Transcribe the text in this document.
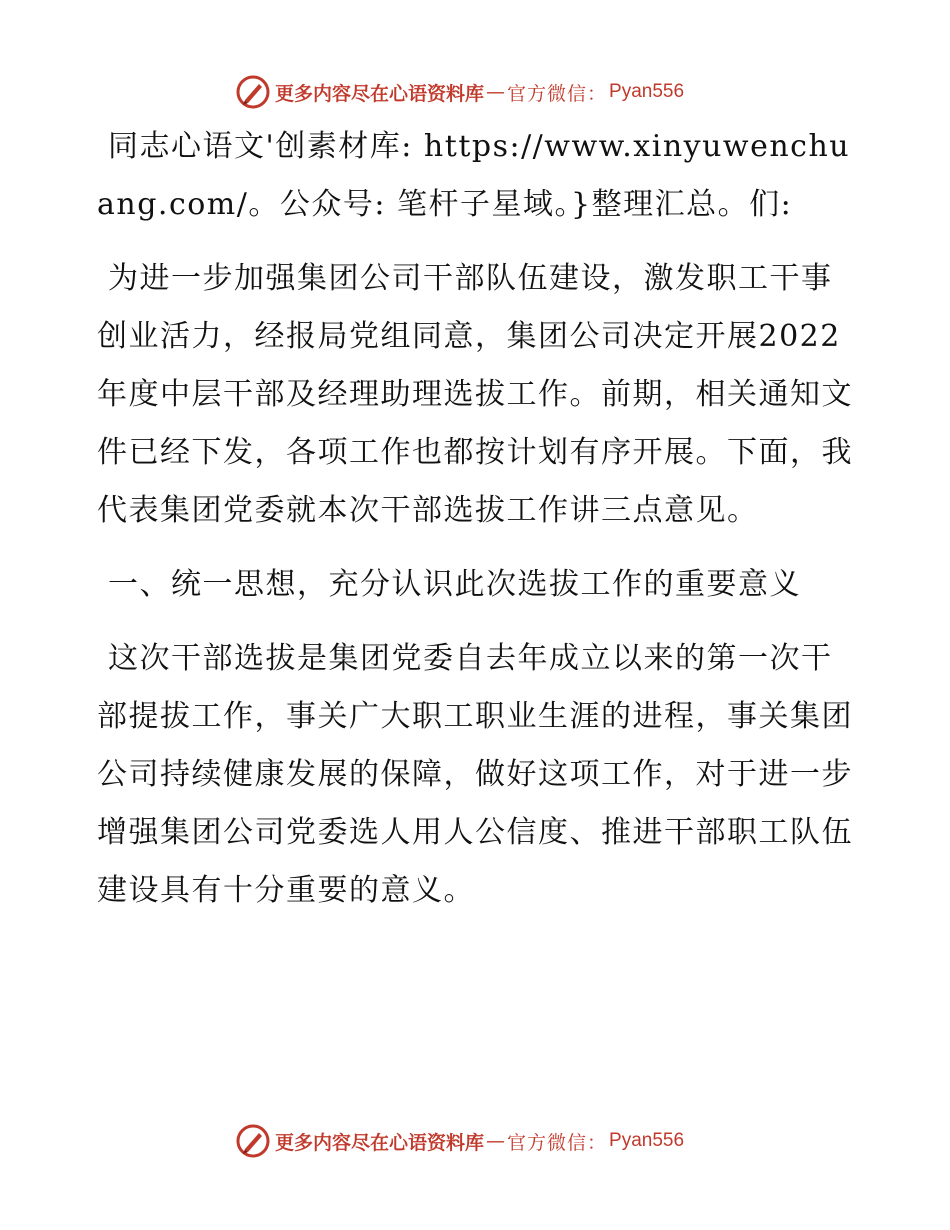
更多内容尽在心语资料库 — 官方微信： Pyan556

同志心语文'创素材库: https://www.xinyuwenchuang.com/。公众号: 笔杆子星域。}整理汇总。们:

为进一步加强集团公司干部队伍建设，激发职工干事创业活力，经报局党组同意，集团公司决定开展2022年度中层干部及经理助理选拔工作。前期，相关通知文件已经下发，各项工作也都按计划有序开展。下面，我代表集团党委就本次干部选拔工作讲三点意见。

一、统一思想，充分认识此次选拔工作的重要意义

这次干部选拔是集团党委自去年成立以来的第一次干部提拔工作，事关广大职工职业生涯的进程，事关集团公司持续健康发展的保障，做好这项工作，对于进一步增强集团公司党委选人用人公信度、推进干部职工队伍建设具有十分重要的意义。

更多内容尽在心语资料库 — 官方微信： Pyan556
